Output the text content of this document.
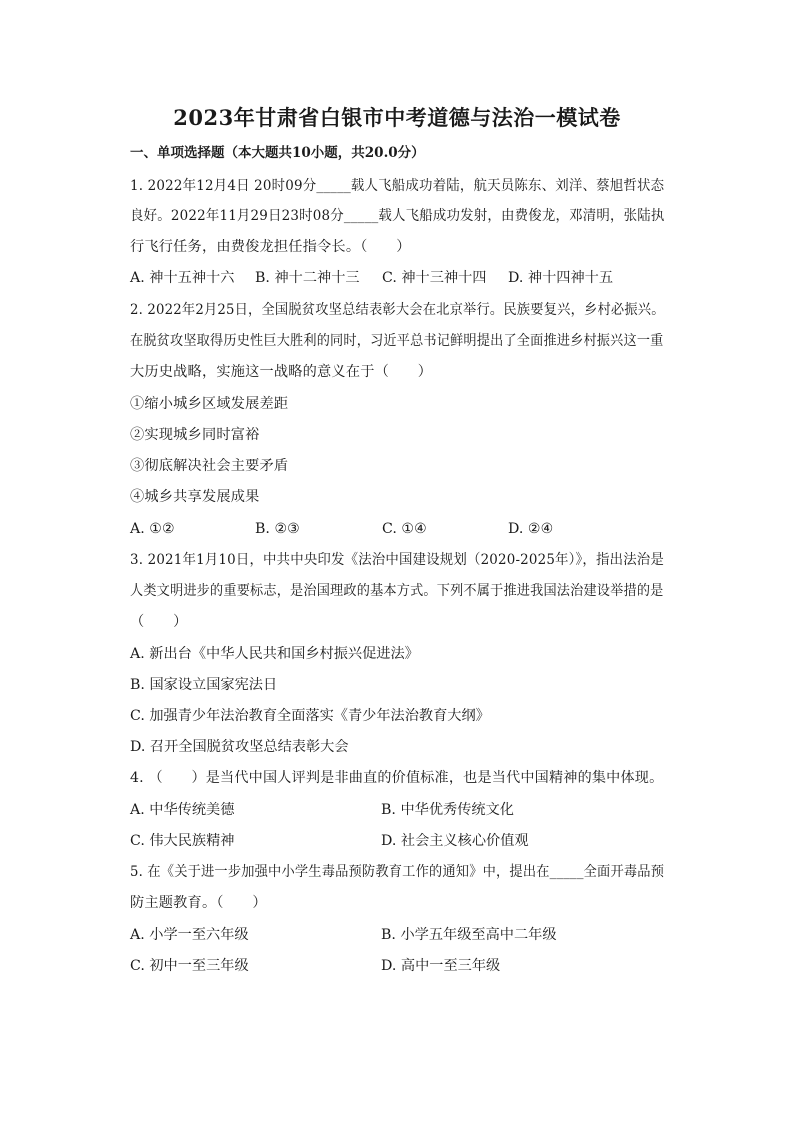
2023年甘肃省白银市中考道德与法治一模试卷
一、单项选择题（本大题共10小题，共20.0分）
1. 2022年12月4日 20时09分_____载人飞船成功着陆，航天员陈东、刘洋、蔡旭哲状态
良好。2022年11月29日23时08分_____载人飞船成功发射，由费俊龙，邓清明，张陆执
行飞行任务，由费俊龙担任指令长。（　　）
A. 神十五神十六 B. 神十二神十三 C. 神十三神十四 D. 神十四神十五
2. 2022年2月25日，全国脱贫攻坚总结表彰大会在北京举行。民族要复兴，乡村必振兴。
在脱贫攻坚取得历史性巨大胜利的同时，习近平总书记鲜明提出了全面推进乡村振兴这一重
大历史战略，实施这一战略的意义在于（　　）
①缩小城乡区域发展差距
②实现城乡同时富裕
③彻底解决社会主要矛盾
④城乡共享发展成果
A. ①②	B. ②③	C. ①④	D. ②④
3. 2021年1月10日，中共中央印发《法治中国建设规划（2020-2025年）》，指出法治是
人类文明进步的重要标志，是治国理政的基本方式。下列不属于推进我国法治建设举措的是
（　　）
A. 新出台《中华人民共和国乡村振兴促进法》
B. 国家设立国家宪法日
C. 加强青少年法治教育全面落实《青少年法治教育大纲》
D. 召开全国脱贫攻坚总结表彰大会
4. （　　）是当代中国人评判是非曲直的价值标准，也是当代中国精神的集中体现。
A. 中华传统美德	B. 中华优秀传统文化
C. 伟大民族精神	D. 社会主义核心价值观
5. 在《关于进一步加强中小学生毒品预防教育工作的通知》中，提出在_____全面开毒品预
防主题教育。（　　）
A. 小学一至六年级	B. 小学五年级至高中二年级
C. 初中一至三年级	D. 高中一至三年级
